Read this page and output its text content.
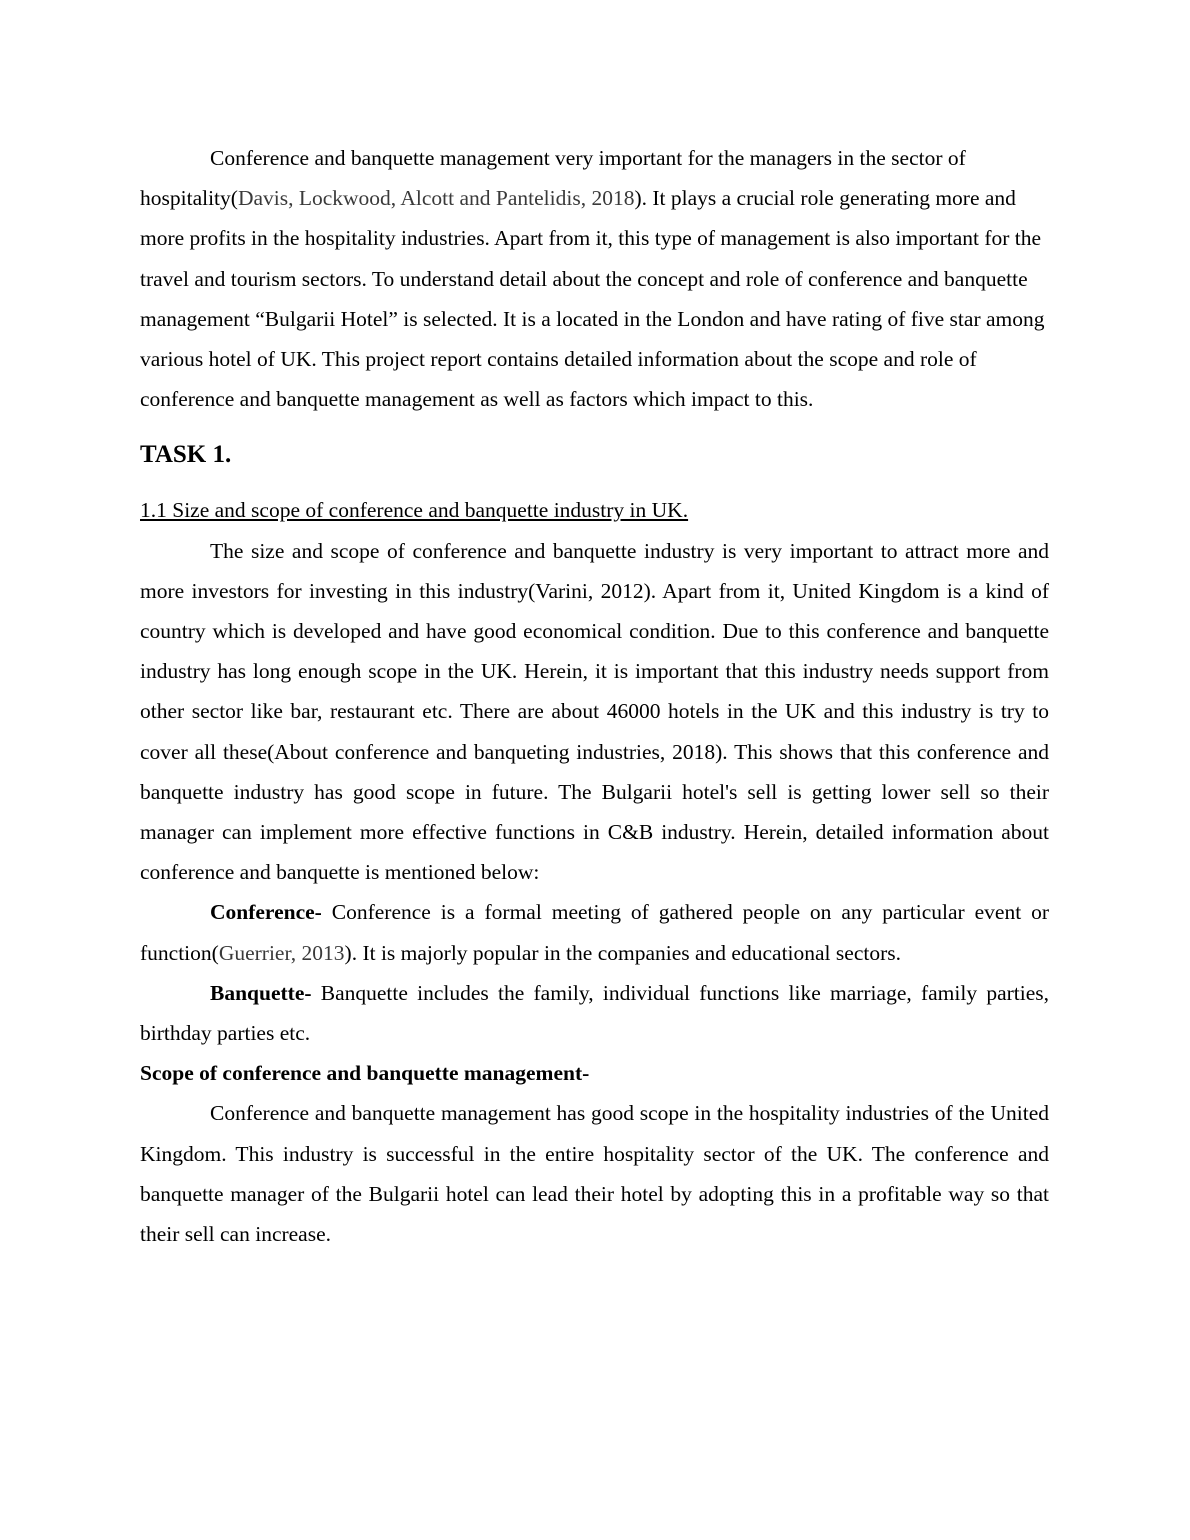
Conference and banquette management very important for the managers in the sector of hospitality(Davis, Lockwood, Alcott and Pantelidis, 2018). It plays a crucial role generating more and more profits in the hospitality industries. Apart from it, this type of management is also important for the travel and tourism sectors. To understand detail about the concept and role of conference and banquette management “Bulgarii Hotel” is selected. It is a located in the London and have rating of five star among various hotel of UK. This project report contains detailed information about the scope and role of conference and banquette management as well as factors which impact to this.

TASK 1.

1.1 Size and scope of conference and banquette industry in UK.

The size and scope of conference and banquette industry is very important to attract more and more investors for investing in this industry(Varini, 2012). Apart from it, United Kingdom is a kind of country which is developed and have good economical condition. Due to this conference and banquette industry has long enough scope in the UK. Herein, it is important that this industry needs support from other sector like bar, restaurant etc. There are about 46000 hotels in the UK and this industry is try to cover all these(About conference and banqueting industries, 2018). This shows that this conference and banquette industry has good scope in future. The Bulgarii hotel's sell is getting lower sell so their manager can implement more effective functions in C&B industry. Herein, detailed information about conference and banquette is mentioned below:

Conference- Conference is a formal meeting of gathered people on any particular event or function(Guerrier, 2013). It is majorly popular in the companies and educational sectors.

Banquette- Banquette includes the family, individual functions like marriage, family parties, birthday parties etc.

Scope of conference and banquette management-

Conference and banquette management has good scope in the hospitality industries of the United Kingdom. This industry is successful in the entire hospitality sector of the UK. The conference and banquette manager of the Bulgarii hotel can lead their hotel by adopting this in a profitable way so that their sell can increase.
